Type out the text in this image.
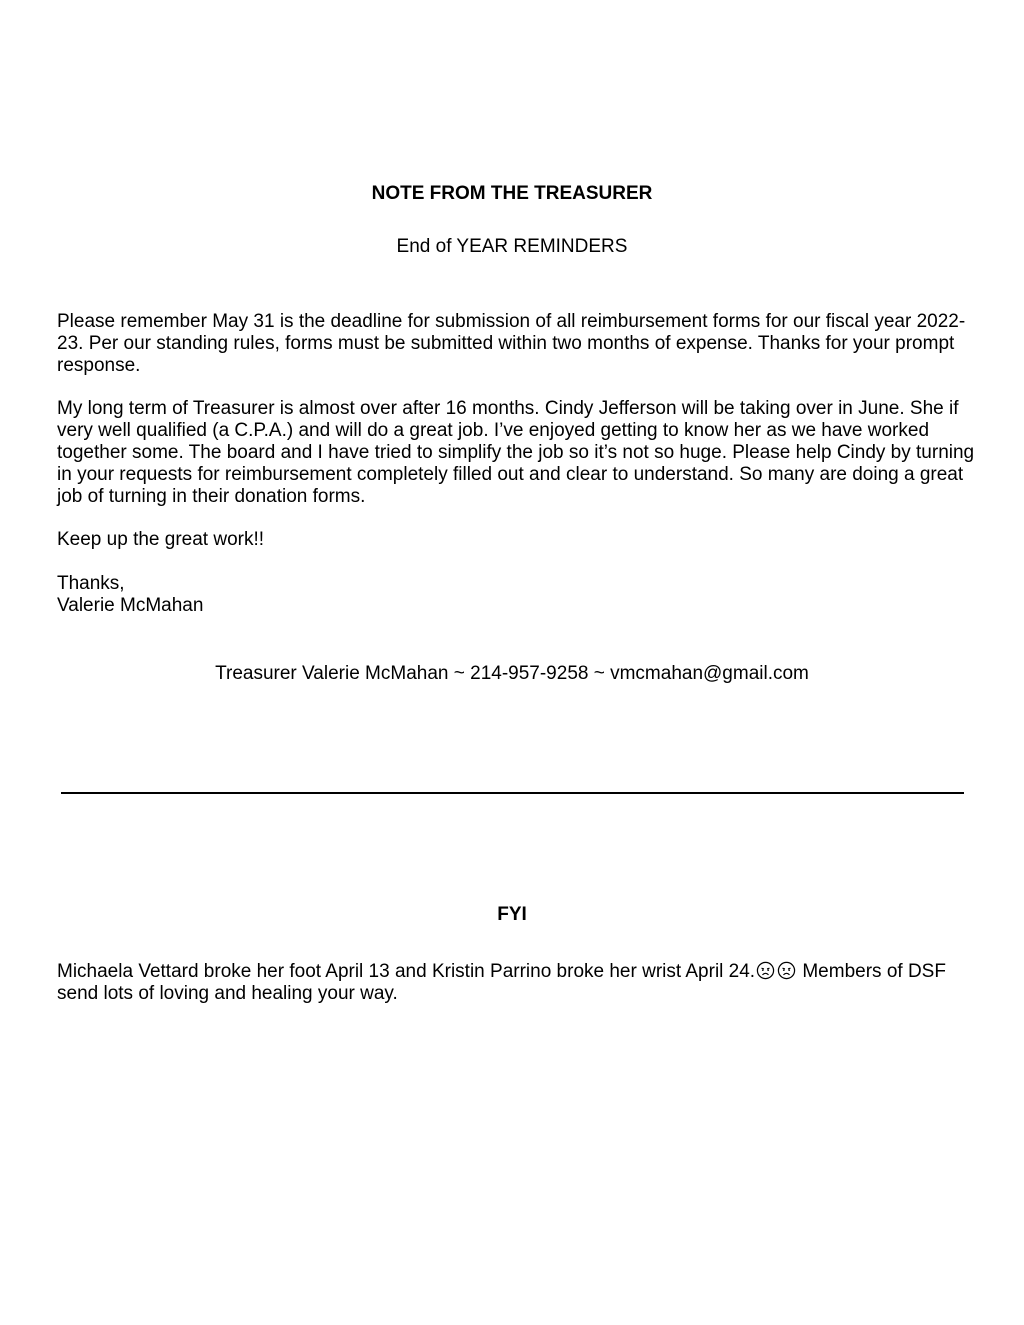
NOTE FROM THE TREASURER
End of YEAR REMINDERS

Please remember May 31 is the deadline for submission of all reimbursement forms for our fiscal year 2022-23. Per our standing rules, forms must be submitted within two months of expense. Thanks for your prompt response.

My long term of Treasurer is almost over after 16 months. Cindy Jefferson will be taking over in June. She if very well qualified (a C.P.A.) and will do a great job. I’ve enjoyed getting to know her as we have worked together some. The board and I have tried to simplify the job so it’s not so huge. Please help Cindy by turning in your requests for reimbursement completely filled out and clear to understand. So many are doing a great job of turning in their donation forms.

Keep up the great work!!

Thanks,

Valerie McMahan

Treasurer Valerie McMahan ~ 214-957-9258 ~ vmcmahan@gmail.com
FYI

Michaela Vettard broke her foot April 13 and Kristin Parrino broke her wrist April 24. Members of DSF send lots of loving and healing your way.
